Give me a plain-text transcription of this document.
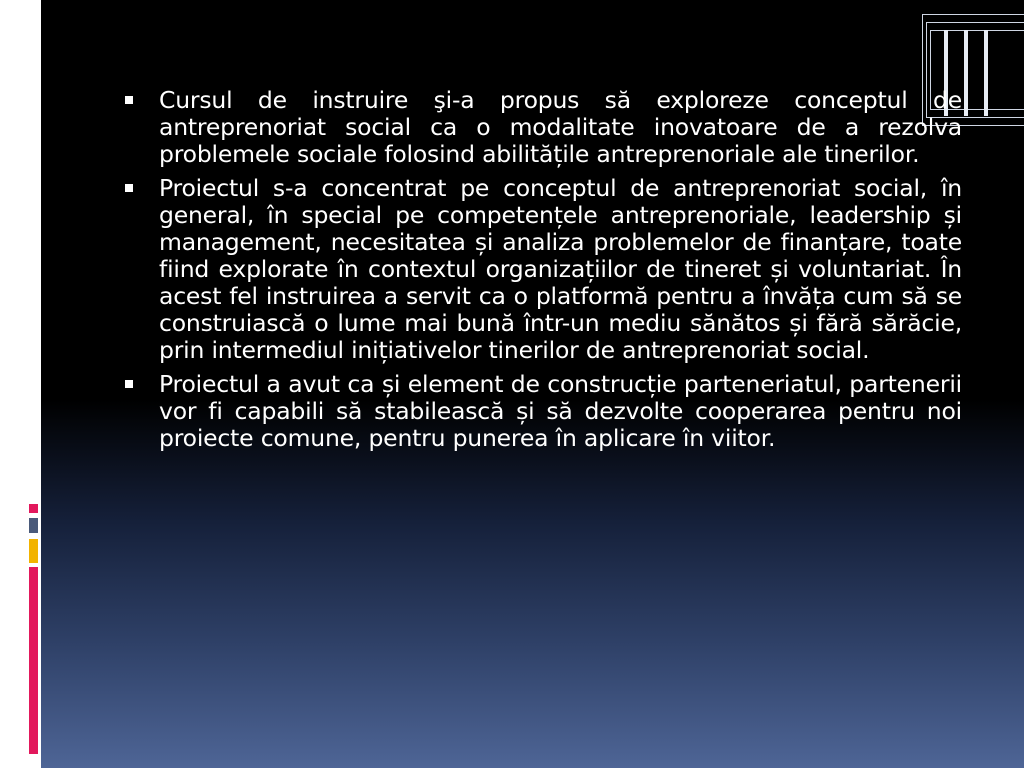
Cursul de instruire şi-a propus să exploreze conceptul de antreprenoriat social ca o modalitate inovatoare de a rezolva problemele sociale folosind abilitățile antreprenoriale ale tinerilor.
Proiectul s-a concentrat pe conceptul de antreprenoriat social, în general, în special pe competențele antreprenoriale, leadership și management, necesitatea și analiza problemelor de finanțare, toate fiind explorate în contextul organizațiilor de tineret și voluntariat. În acest fel instruirea a servit ca o platformă pentru a învăța cum să se construiască o lume mai bună într-un mediu sănătos și fără sărăcie, prin intermediul inițiativelor tinerilor de antreprenoriat social.
Proiectul a avut ca și element de construcție parteneriatul, partenerii vor fi capabili să stabilească și să dezvolte cooperarea pentru noi proiecte comune, pentru punerea în aplicare în viitor.
